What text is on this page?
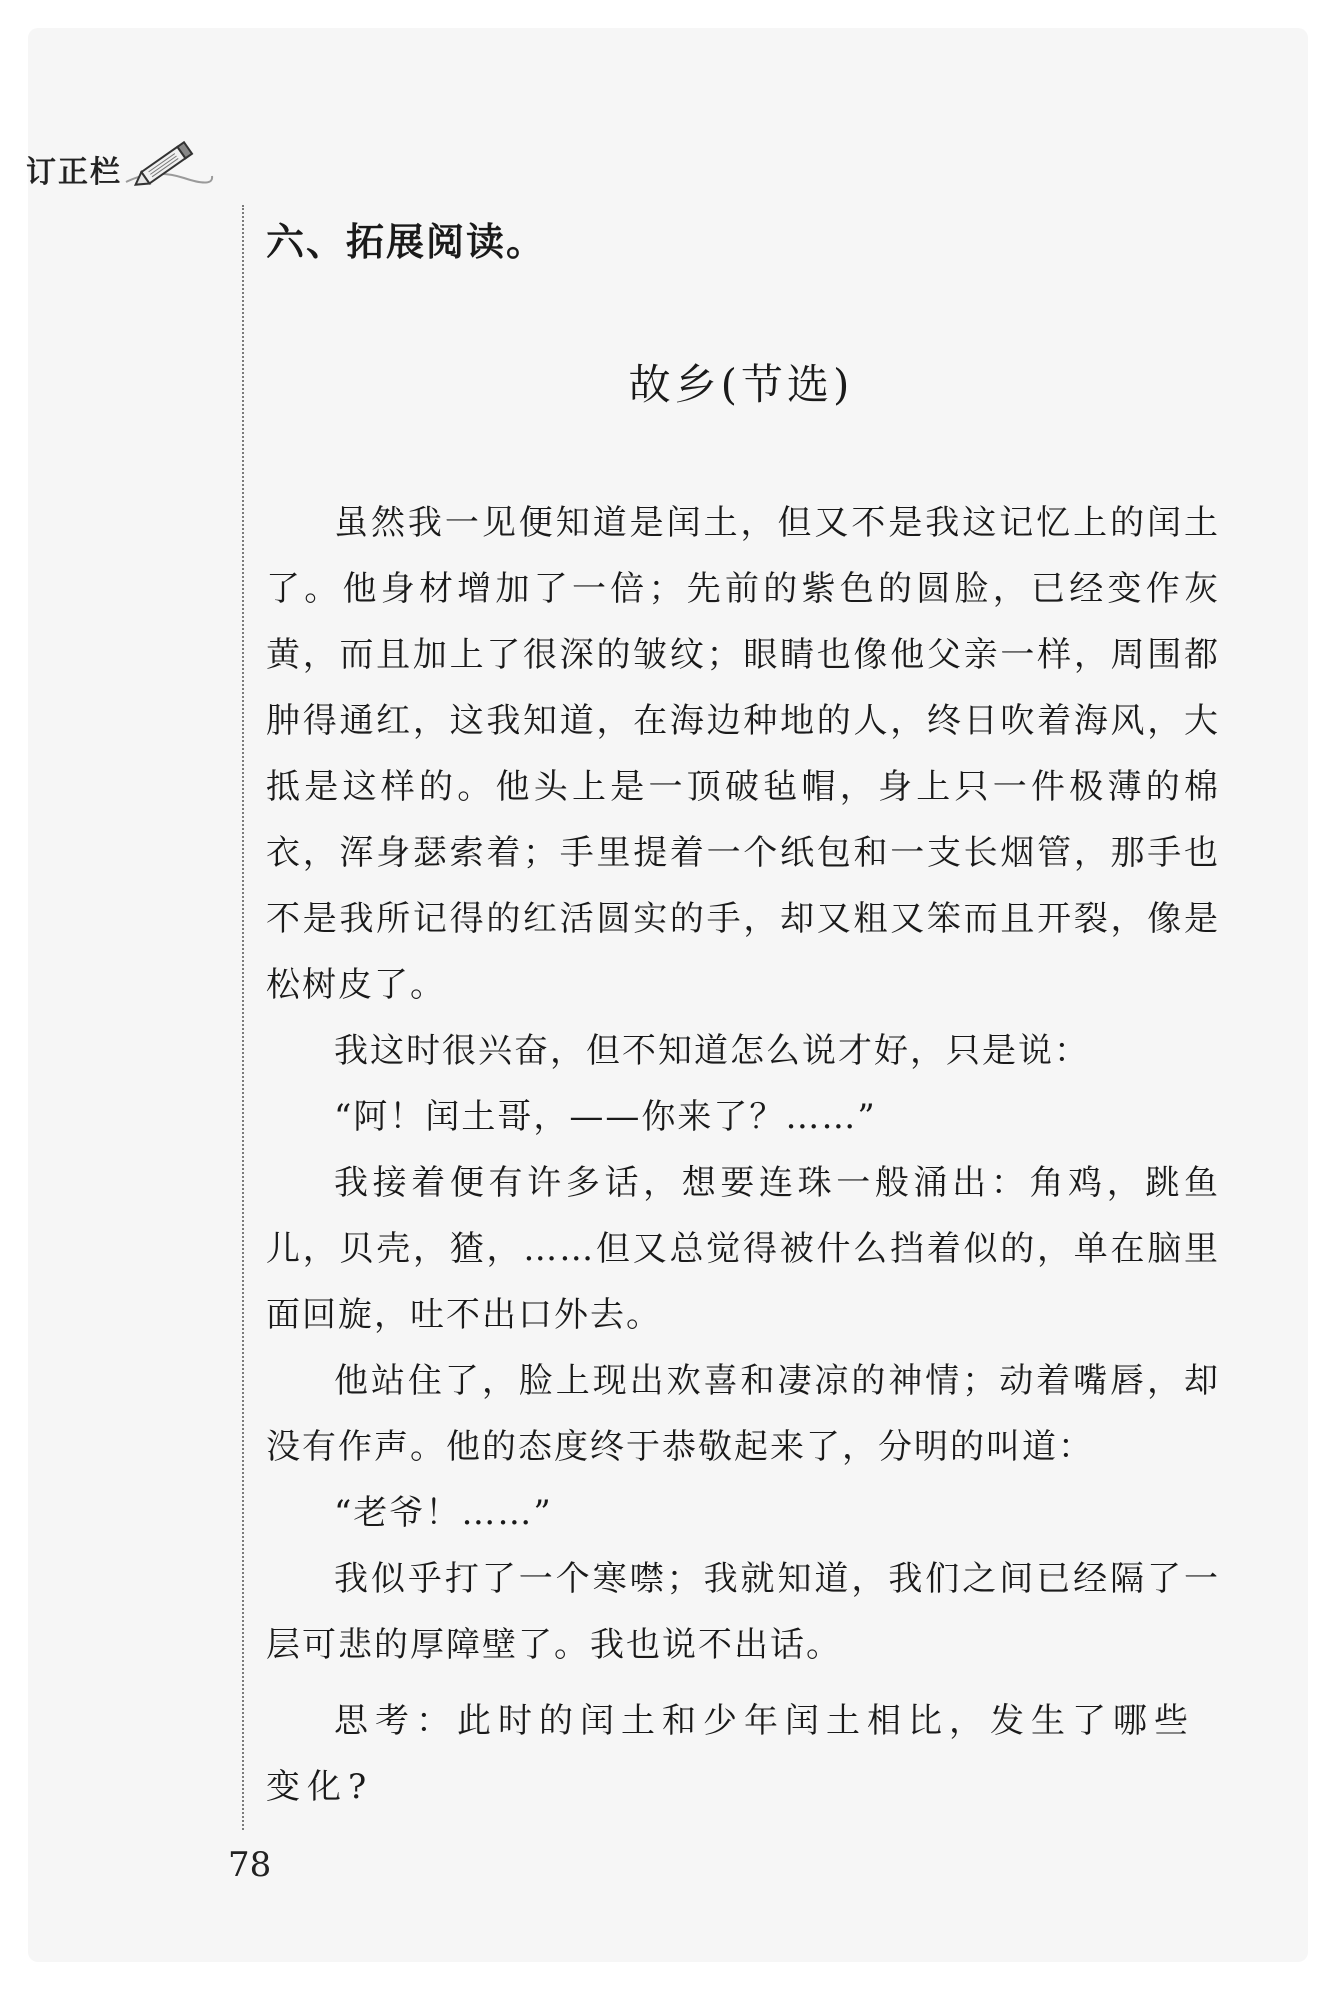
订正栏
六、拓展阅读。
故乡(节选)

虽然我一见便知道是闰土，但又不是我这记忆上的闰土了。他身材增加了一倍；先前的紫色的圆脸，已经变作灰黄，而且加上了很深的皱纹；眼睛也像他父亲一样，周围都肿得通红，这我知道，在海边种地的人，终日吹着海风，大抵是这样的。他头上是一顶破毡帽，身上只一件极薄的棉衣，浑身瑟索着；手里提着一个纸包和一支长烟管，那手也不是我所记得的红活圆实的手，却又粗又笨而且开裂，像是松树皮了。

我这时很兴奋，但不知道怎么说才好，只是说：

“阿！闰土哥，——你来了？……”

我接着便有许多话，想要连珠一般涌出：角鸡，跳鱼儿，贝壳，猹，……但又总觉得被什么挡着似的，单在脑里面回旋，吐不出口外去。

他站住了，脸上现出欢喜和凄凉的神情；动着嘴唇，却没有作声。他的态度终于恭敬起来了，分明的叫道：

“老爷！……”

我似乎打了一个寒噤；我就知道，我们之间已经隔了一层可悲的厚障壁了。我也说不出话。

思考：此时的闰土和少年闰土相比，发生了哪些变化?

78
